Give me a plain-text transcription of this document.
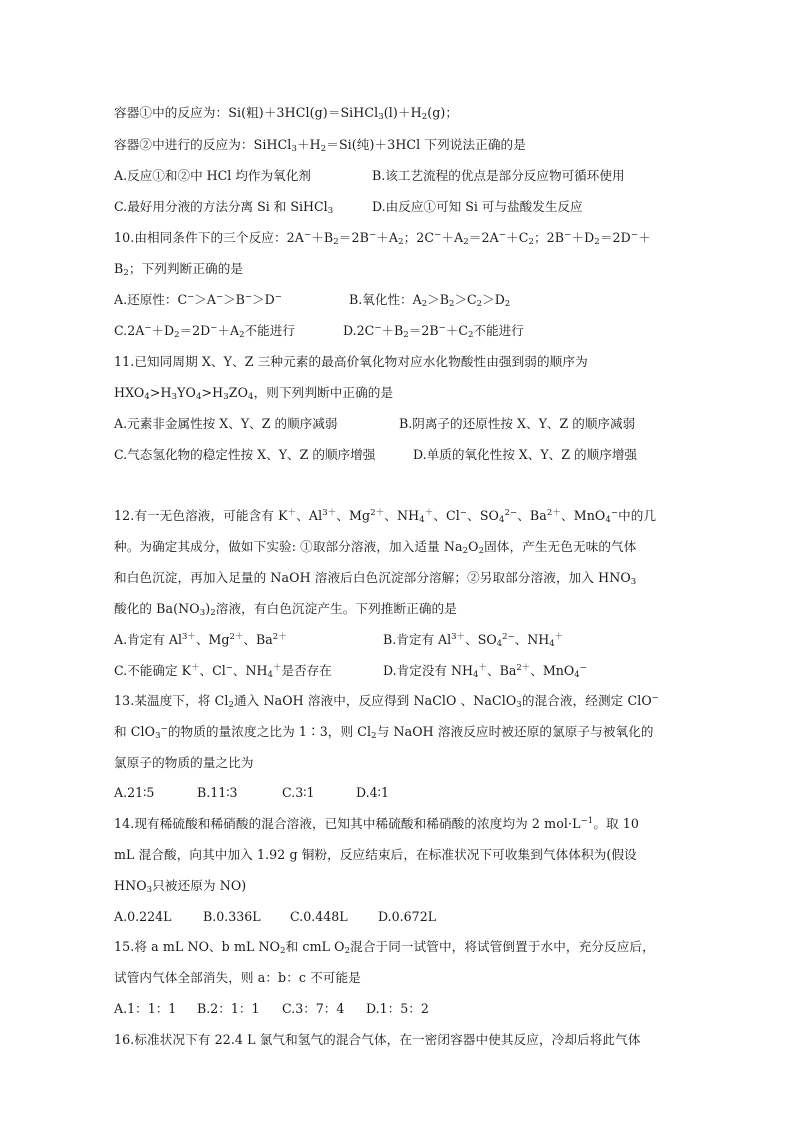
容器①中的反应为：Si(粗)$+3HCl(g)=SiHCl_3(l)+H_2(g)$；
容器②中进行的反应为：$SiHCl_3+H_2=Si$(纯)＋3HCl 下列说法正确的是
A.反应①和②中 HCl 均作为氧化剂	B.该工艺流程的优点是部分反应物可循环使用
C.最好用分液的方法分离 Si 和 SiHCl$_3$	D.由反应①可知 Si 可与盐酸发生反应
10.由相同条件下的三个反应：$2A^-+B_2=2B^-+A_2$；$2C^-+A_2=2A^-+C_2$；$2B^-+D_2=2D^-+$
$B_2$；下列判断正确的是
A.还原性：C−＞A−＞B−＞D−	B.氧化性：$A_2>B_2>C_2>D_2$
$C.2A^-+D_2=2D^-+A_2$不能进行	$D.2C^-+B_2=2B^-+C_2$不能进行
11.已知同周期 X、Y、Z 三种元素的最高价氧化物对应水化物酸性由强到弱的顺序为
$HXO_4>H_3YO_4>H_3ZO_4$，则下列判断中正确的是
A.元素非金属性按 X、Y、Z 的顺序减弱	B.阴离子的还原性按 X、Y、Z 的顺序减弱
C.气态氢化物的稳定性按 X、Y、Z 的顺序增强	D.单质的氧化性按 X、Y、Z 的顺序增强
12.有一无色溶液，可能含有 K＋、$Al^{3+}$、$Mg^{2+}$、$NH_4^+$、Cl−、$SO_4^{2-}$、$Ba^{2+}$、MnO$_4$−中的几
种。为确定其成分，做如下实验: ①取部分溶液，加入适量 $Na_2O_2$固体，产生无色无味的气体
和白色沉淀，再加入足量的 NaOH 溶液后白色沉淀部分溶解；②另取部分溶液，加入 $HNO_3$
酸化的 $Ba(NO_3)_2$溶液，有白色沉淀产生。下列推断正确的是
A.肯定有 $Al^{3+}$、$Mg^{2+}$、$Ba^{2+}$	B.肯定有 $Al^{3+}$、$SO_4^{2-}$、$NH_4^+$
C.不能确定 K＋、Cl−、$NH_4^+$是否存在	D.肯定没有 $NH_4^+$、$Ba^{2+}$、MnO$_4$−
13.某温度下，将 $Cl_2$通入 NaOH 溶液中，反应得到 NaClO 、NaClO$_3$的混合液，经测定 ClO−
和 ClO$_3$−的物质的量浓度之比为 1∶3，则 $Cl_2$与 NaOH 溶液反应时被还原的氯原子与被氧化的
氯原子的物质的量之比为
A.21∶5	B.11∶3	C.3∶1	D.4∶1
14.现有稀硫酸和稀硝酸的混合溶液，已知其中稀硫酸和稀硝酸的浓度均为 2 $mol\cdot L^{-1}$。取 10
mL 混合酸，向其中加入 1.92 g 铜粉，反应结束后，在标准状况下可收集到气体体积为(假设
$HNO_3$只被还原为 NO)
A.0.224L B.0.336L C.0.448L D.0.672L
15.将 a mL NO、b mL $NO_2$和 cmL $O_2$混合于同一试管中，将试管倒置于水中，充分反应后，
试管内气体全部消失，则 a：b：c 不可能是
A.1：1：1 B.2：1：1 C.3：7：4 D.1：5：2
16.标准状况下有 22.4 L 氯气和氢气的混合气体，在一密闭容器中使其反应，冷却后将此气体
